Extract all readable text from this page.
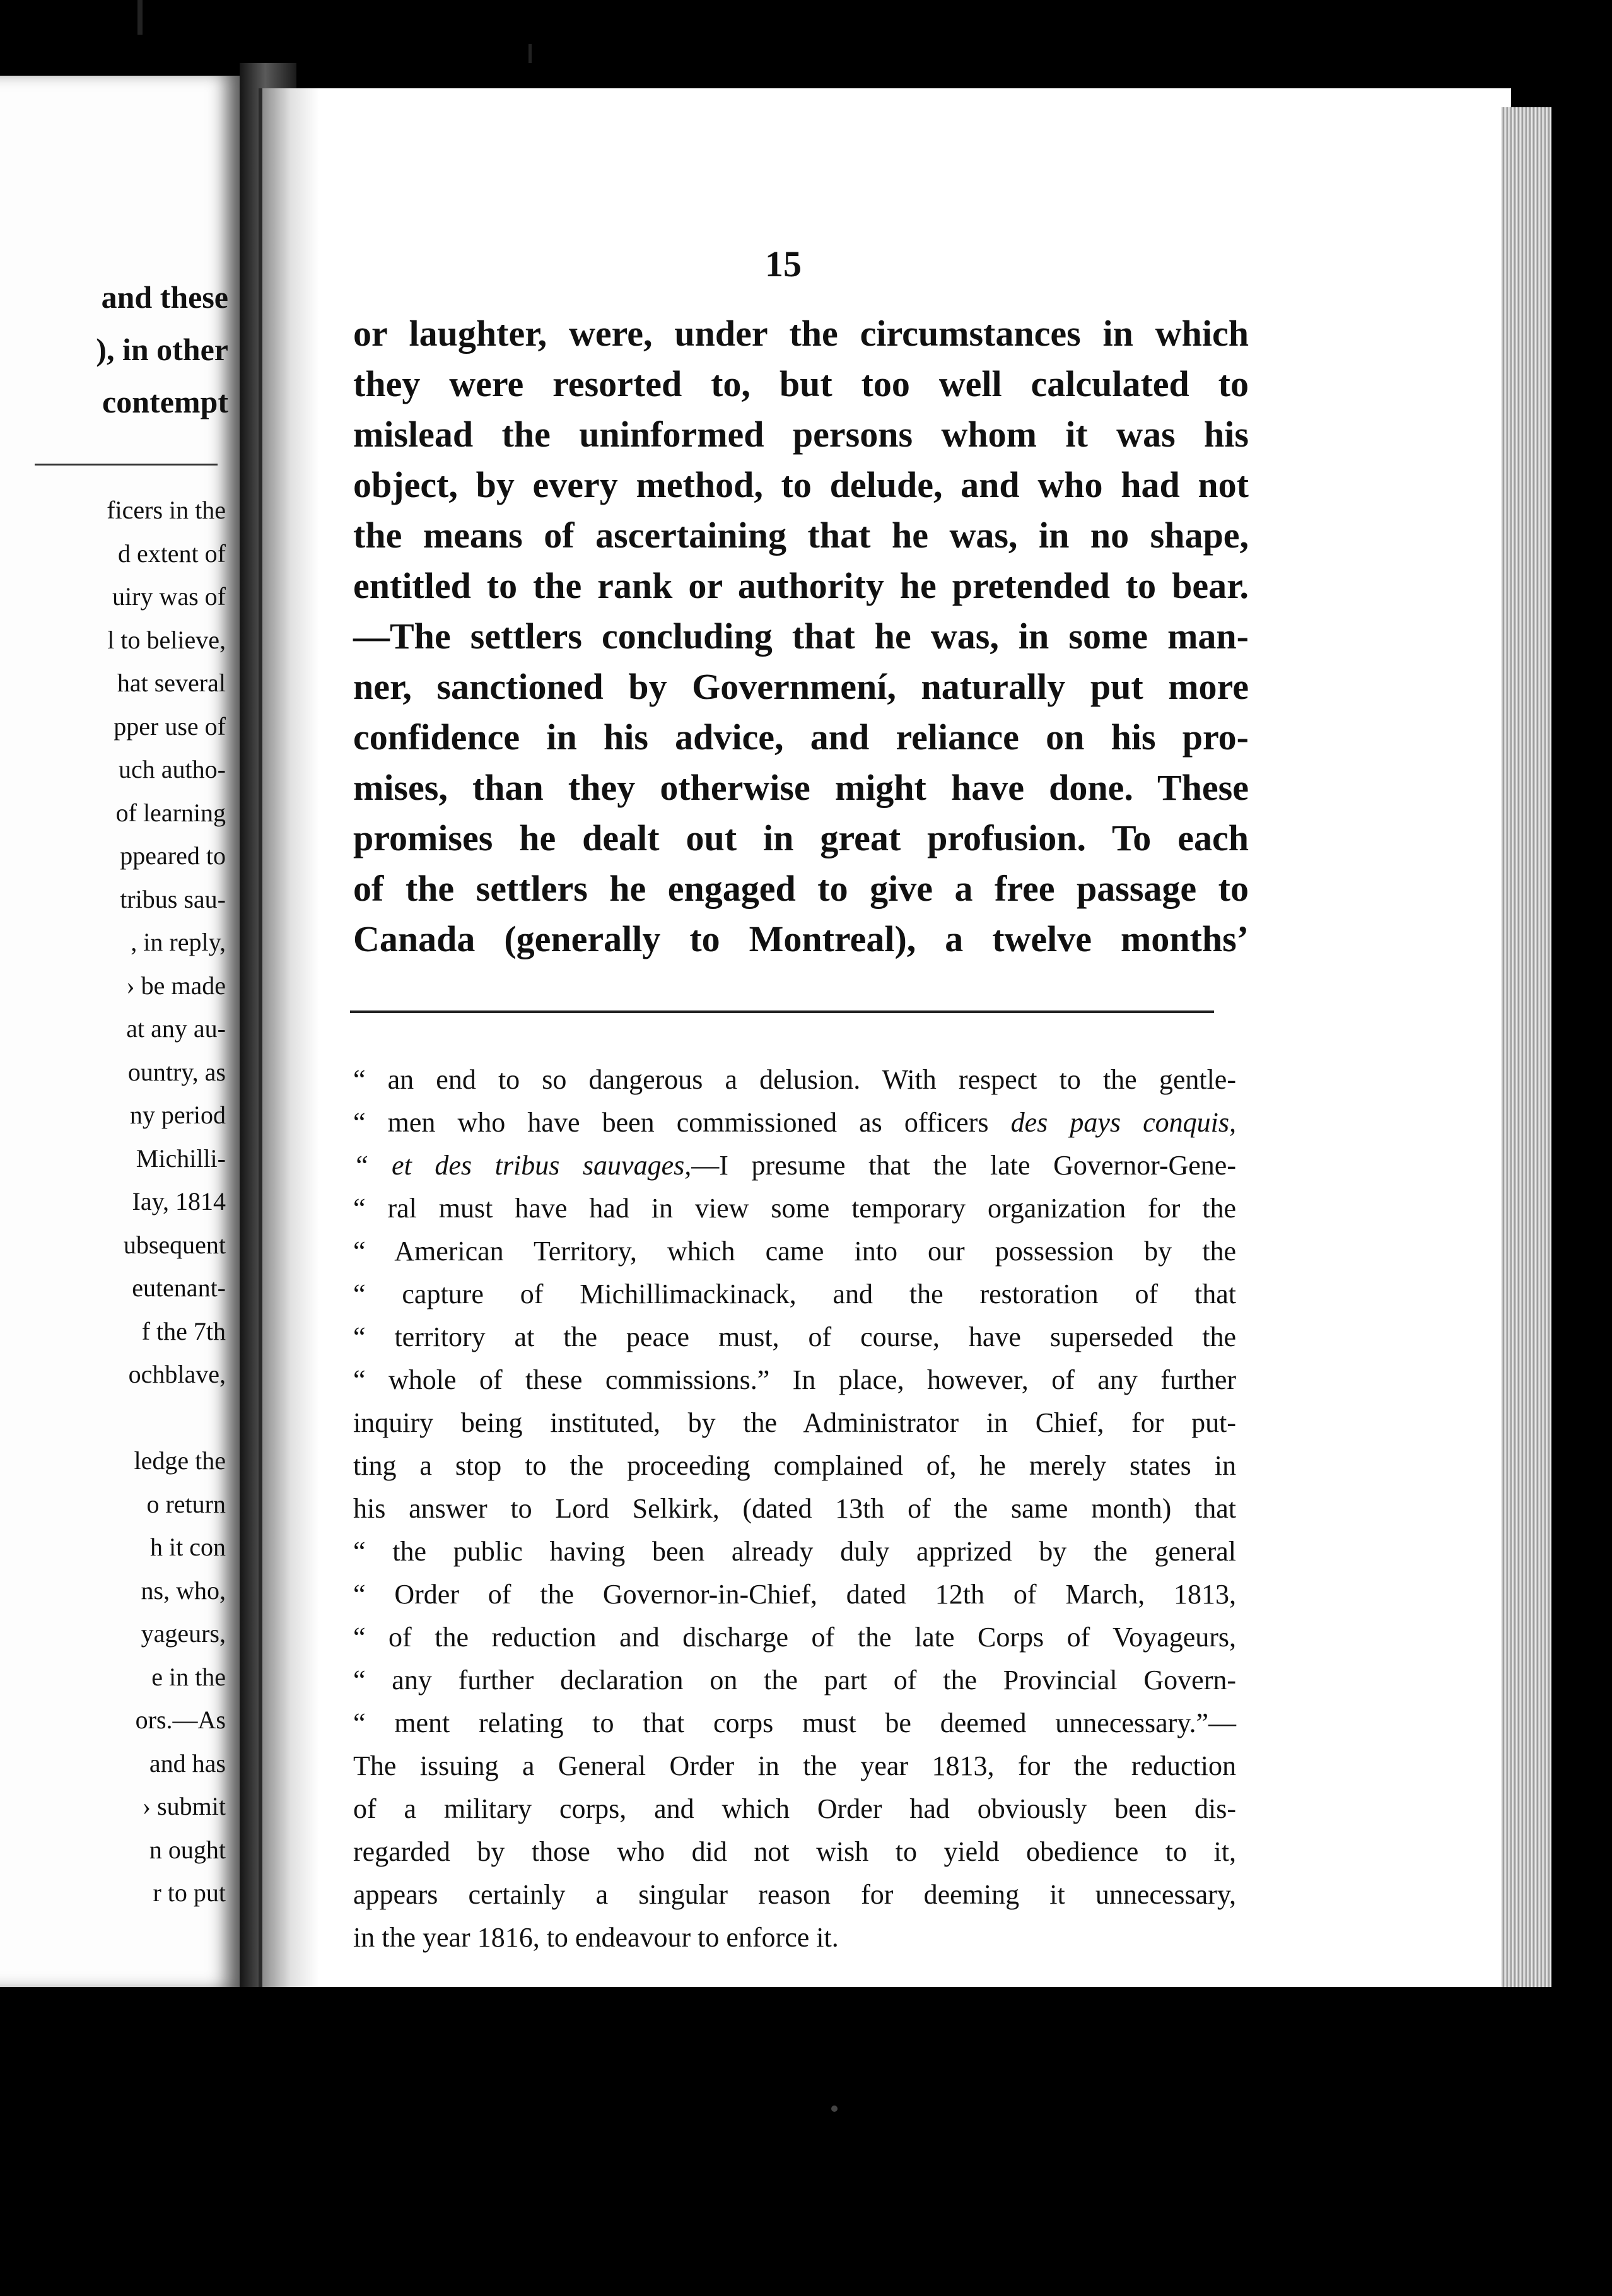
and these
), in other
contempt
ficers in the
d extent of
uiry was of
l to believe,
hat several
pper use of
uch autho-
of learning
ppeared to
tribus sau-
, in reply,
› be made
at any au-
ountry, as
ny period
Michilli-
Iay, 1814
ubsequent
eutenant-
f the 7th
ochblave,
ledge the
o return
h it con
ns, who,
yageurs,
e in the
ors.—As
and has
› submit
n ought
r to put
15
or laughter, were, under the circumstances in which
they were resorted to, but too well calculated to
mislead the uninformed persons whom it was his
object, by every method, to delude, and who had not
the means of ascertaining that he was, in no shape,
entitled to the rank or authority he pretended to bear.
—The settlers concluding that he was, in some man-
ner, sanctioned by Governmení, naturally put more
confidence in his advice, and reliance on his pro-
mises, than they otherwise might have done. These
promises he dealt out in great profusion. To each
of the settlers he engaged to give a free passage to
Canada (generally to Montreal), a twelve months’
“ an end to so dangerous a delusion. With respect to the gentle-
“ men who have been commissioned as officers des pays conquis,
“ et des tribus sauvages,—I presume that the late Governor-Gene-
“ ral must have had in view some temporary organization for the
“ American Territory, which came into our possession by the
“ capture of Michillimackinack, and the restoration of that
“ territory at the peace must, of course, have superseded the
“ whole of these commissions.” In place, however, of any further
inquiry being instituted, by the Administrator in Chief, for put-
ting a stop to the proceeding complained of, he merely states in
his answer to Lord Selkirk, (dated 13th of the same month) that
“ the public having been already duly apprized by the general
“ Order of the Governor-in-Chief, dated 12th of March, 1813,
“ of the reduction and discharge of the late Corps of Voyageurs,
“ any further declaration on the part of the Provincial Govern-
“ ment relating to that corps must be deemed unnecessary.”—
The issuing a General Order in the year 1813, for the reduction
of a military corps, and which Order had obviously been dis-
regarded by those who did not wish to yield obedience to it,
appears certainly a singular reason for deeming it unnecessary,
in the year 1816, to endeavour to enforce it.
